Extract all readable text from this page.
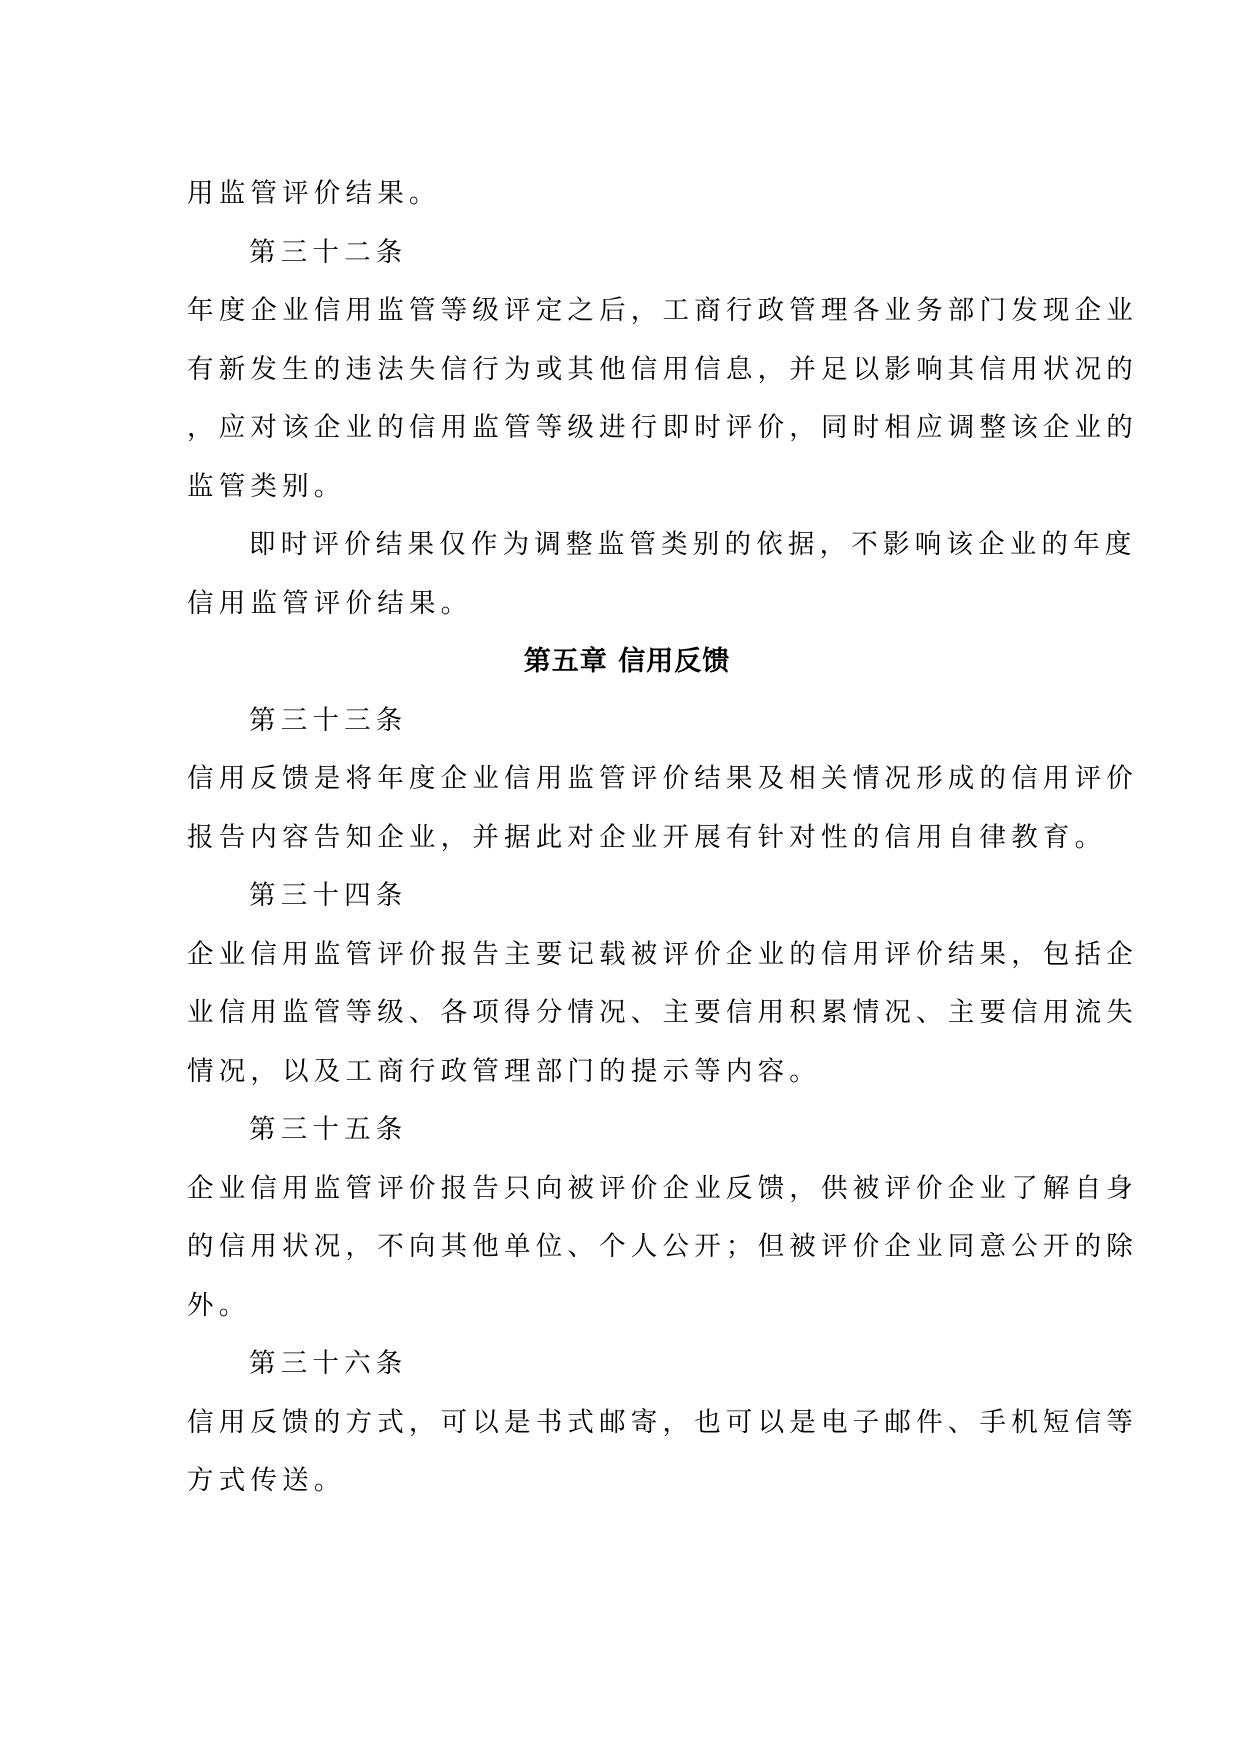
用监管评价结果。
第三十二条
年度企业信用监管等级评定之后，工商行政管理各业务部门发现企业
有新发生的违法失信行为或其他信用信息，并足以影响其信用状况的
，应对该企业的信用监管等级进行即时评价，同时相应调整该企业的
监管类别。
即时评价结果仅作为调整监管类别的依据，不影响该企业的年度
信用监管评价结果。
第五章 信用反馈
第三十三条
信用反馈是将年度企业信用监管评价结果及相关情况形成的信用评价
报告内容告知企业，并据此对企业开展有针对性的信用自律教育。
第三十四条
企业信用监管评价报告主要记载被评价企业的信用评价结果，包括企
业信用监管等级、各项得分情况、主要信用积累情况、主要信用流失
情况，以及工商行政管理部门的提示等内容。
第三十五条
企业信用监管评价报告只向被评价企业反馈，供被评价企业了解自身
的信用状况，不向其他单位、个人公开；但被评价企业同意公开的除
外。
第三十六条
信用反馈的方式，可以是书式邮寄，也可以是电子邮件、手机短信等
方式传送。
